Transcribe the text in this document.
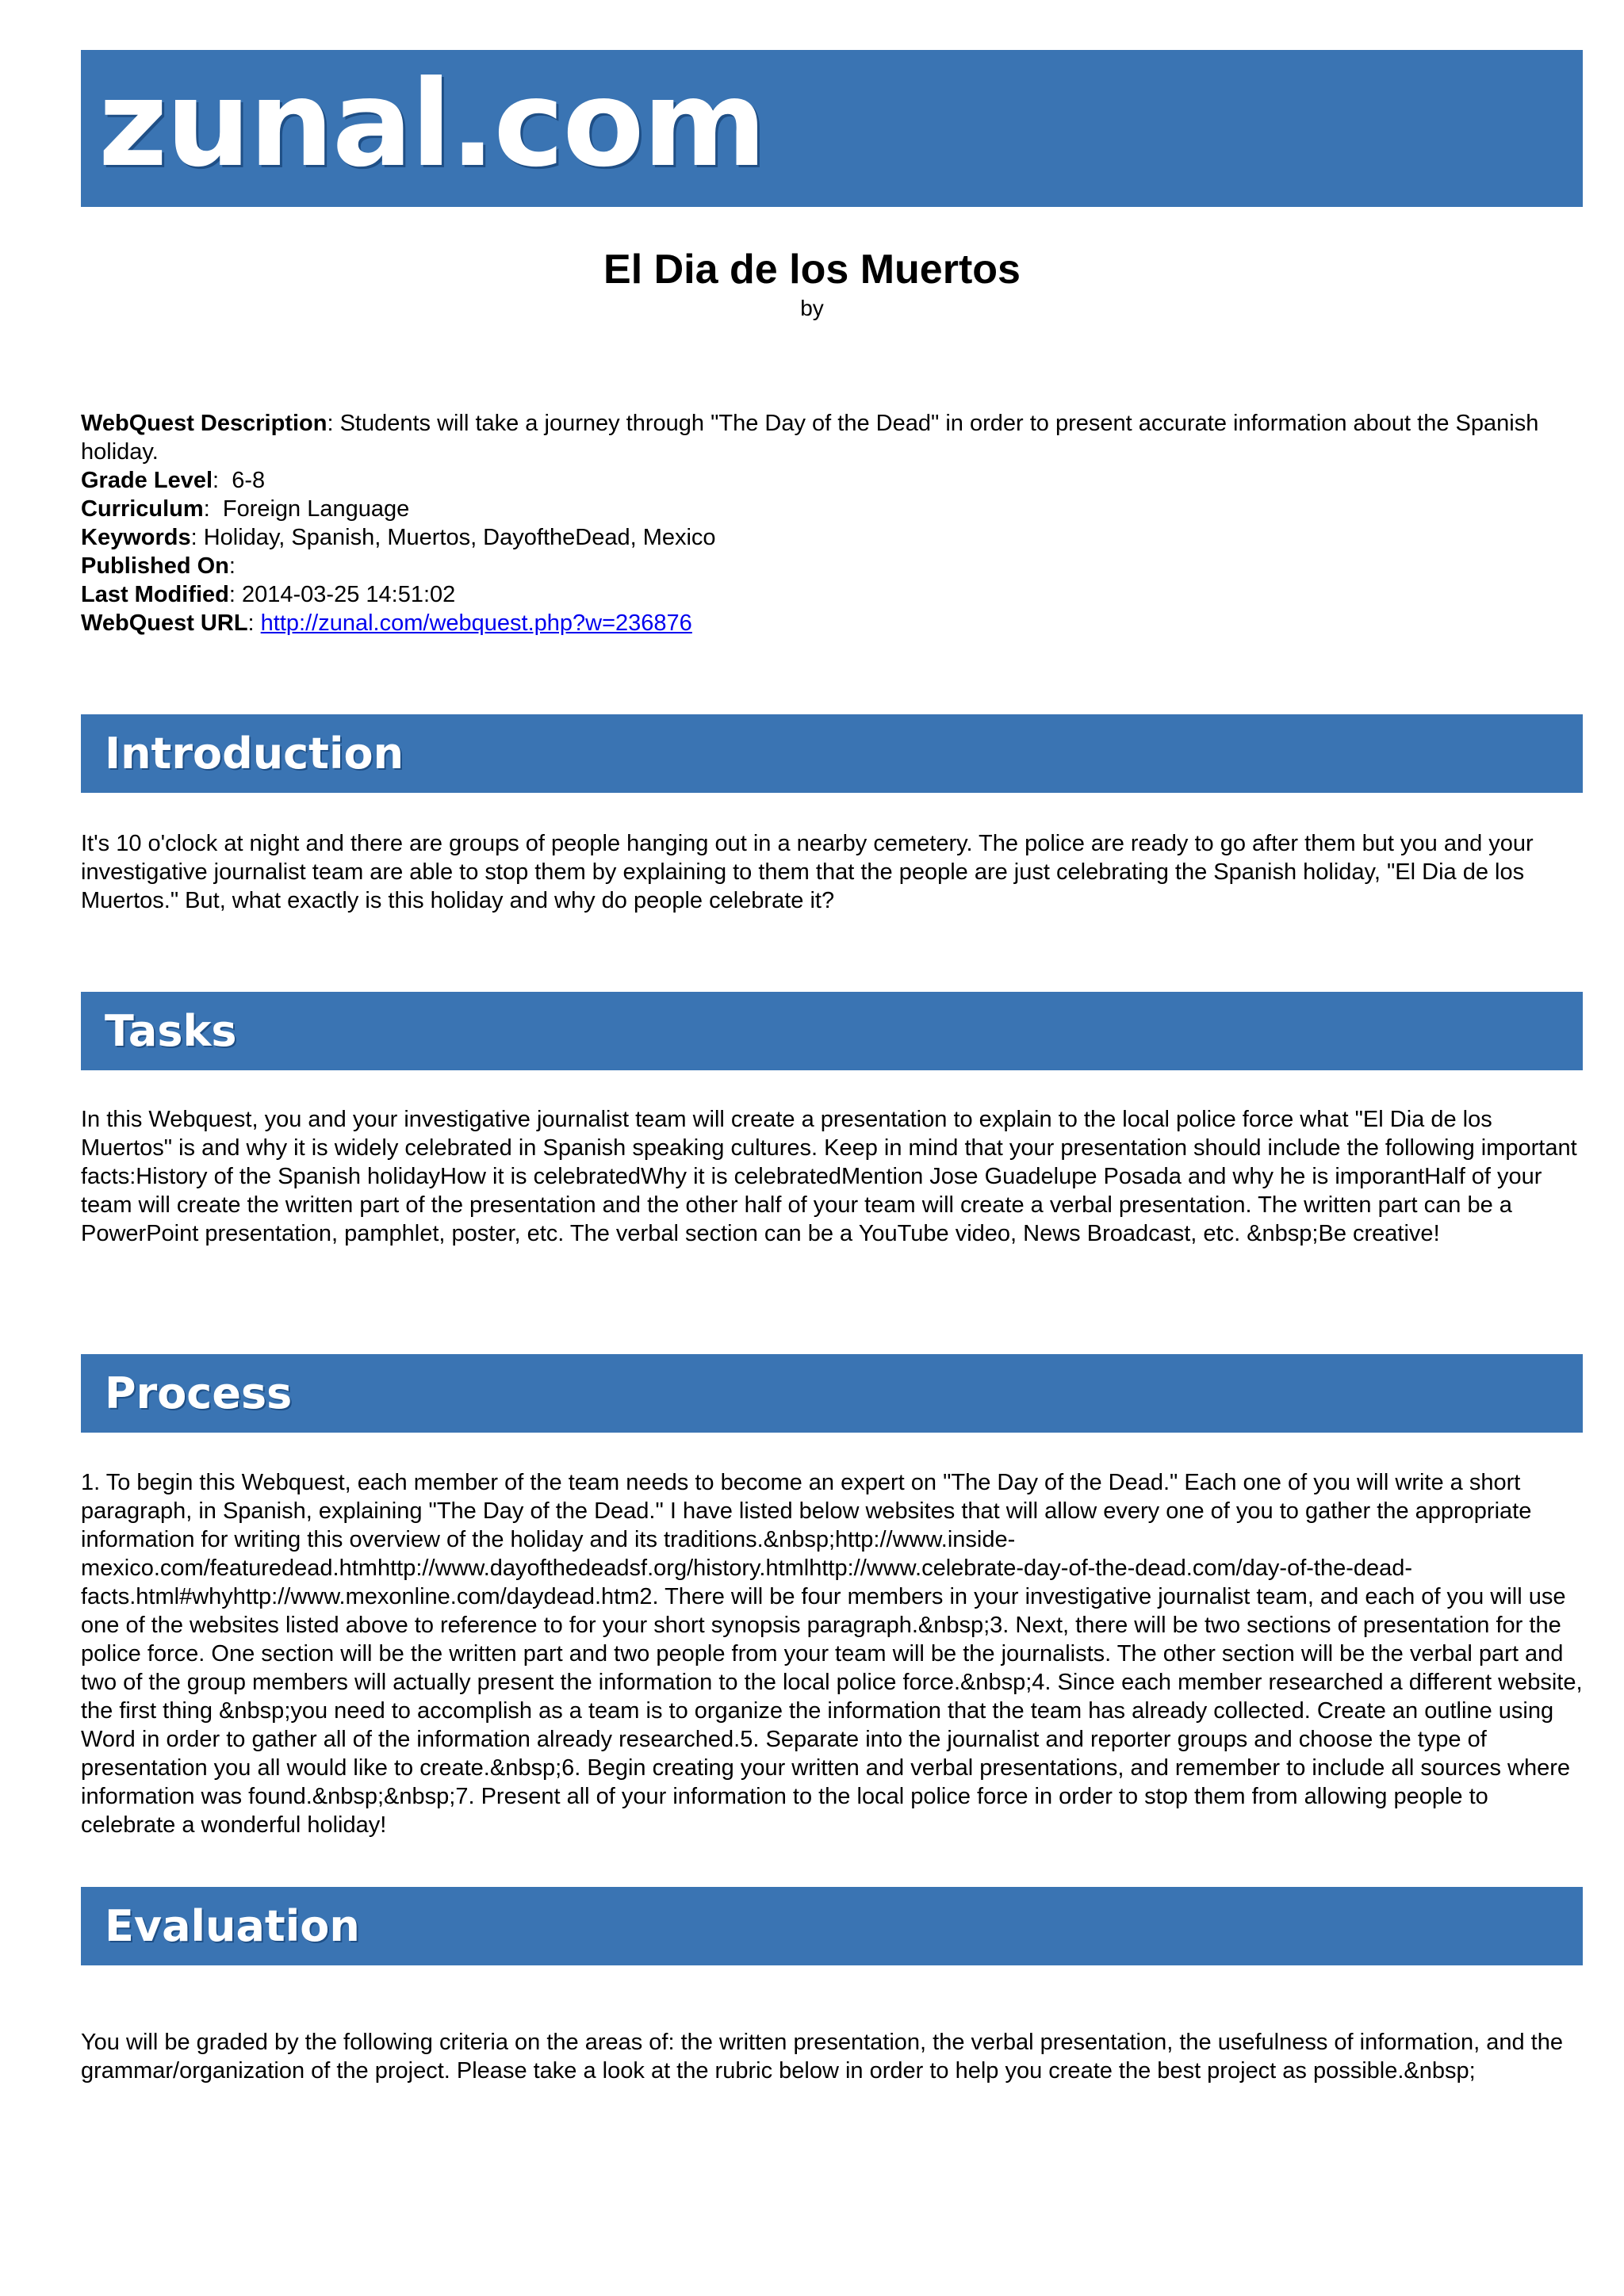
zunal.com
El Dia de los Muertos
by
WebQuest Description: Students will take a journey through "The Day of the Dead" in order to present accurate information about the Spanish holiday.
Grade Level:  6-8
Curriculum:  Foreign Language
Keywords: Holiday, Spanish, Muertos, DayoftheDead, Mexico
Published On:
Last Modified: 2014-03-25 14:51:02
WebQuest URL: http://zunal.com/webquest.php?w=236876
Introduction
It's 10 o'clock at night and there are groups of people hanging out in a nearby cemetery. The police are ready to go after them but you and your investigative journalist team are able to stop them by explaining to them that the people are just celebrating the Spanish holiday, "El Dia de los Muertos." But, what exactly is this holiday and why do people celebrate it?
Tasks
In this Webquest, you and your investigative journalist team will create a presentation to explain to the local police force what "El Dia de los Muertos" is and why it is widely celebrated in Spanish speaking cultures. Keep in mind that your presentation should include the following important facts:History of the Spanish holidayHow it is celebratedWhy it is celebratedMention Jose Guadelupe Posada and why he is imporantHalf of your team will create the written part of the presentation and the other half of your team will create a verbal presentation. The written part can be a PowerPoint presentation, pamphlet, poster, etc. The verbal section can be a YouTube video, News Broadcast, etc. &nbsp;Be creative!
Process
1. To begin this Webquest, each member of the team needs to become an expert on "The Day of the Dead." Each one of you will write a short paragraph, in Spanish, explaining "The Day of the Dead." I have listed below websites that will allow every one of you to gather the appropriate information for writing this overview of the holiday and its traditions.&nbsp;http://www.inside-mexico.com/featuredead.htmhttp://www.dayofthedeadsf.org/history.htmlhttp://www.celebrate-day-of-the-dead.com/day-of-the-dead-facts.html#whyhttp://www.mexonline.com/daydead.htm2. There will be four members in your investigative journalist team, and each of you will use one of the websites listed above to reference to for your short synopsis paragraph.&nbsp;3. Next, there will be two sections of presentation for the police force. One section will be the written part and two people from your team will be the journalists. The other section will be the verbal part and two of the group members will actually present the information to the local police force.&nbsp;4. Since each member researched a different website, the first thing &nbsp;you need to accomplish as a team is to organize the information that the team has already collected. Create an outline using Word in order to gather all of the information already researched.5. Separate into the journalist and reporter groups and choose the type of presentation you all would like to create.&nbsp;6. Begin creating your written and verbal presentations, and remember to include all sources where information was found.&nbsp;&nbsp;7. Present all of your information to the local police force in order to stop them from allowing people to celebrate a wonderful holiday!
Evaluation
You will be graded by the following criteria on the areas of: the written presentation, the verbal presentation, the usefulness of information, and the grammar/organization of the project. Please take a look at the rubric below in order to help you create the best project as possible.&nbsp;
